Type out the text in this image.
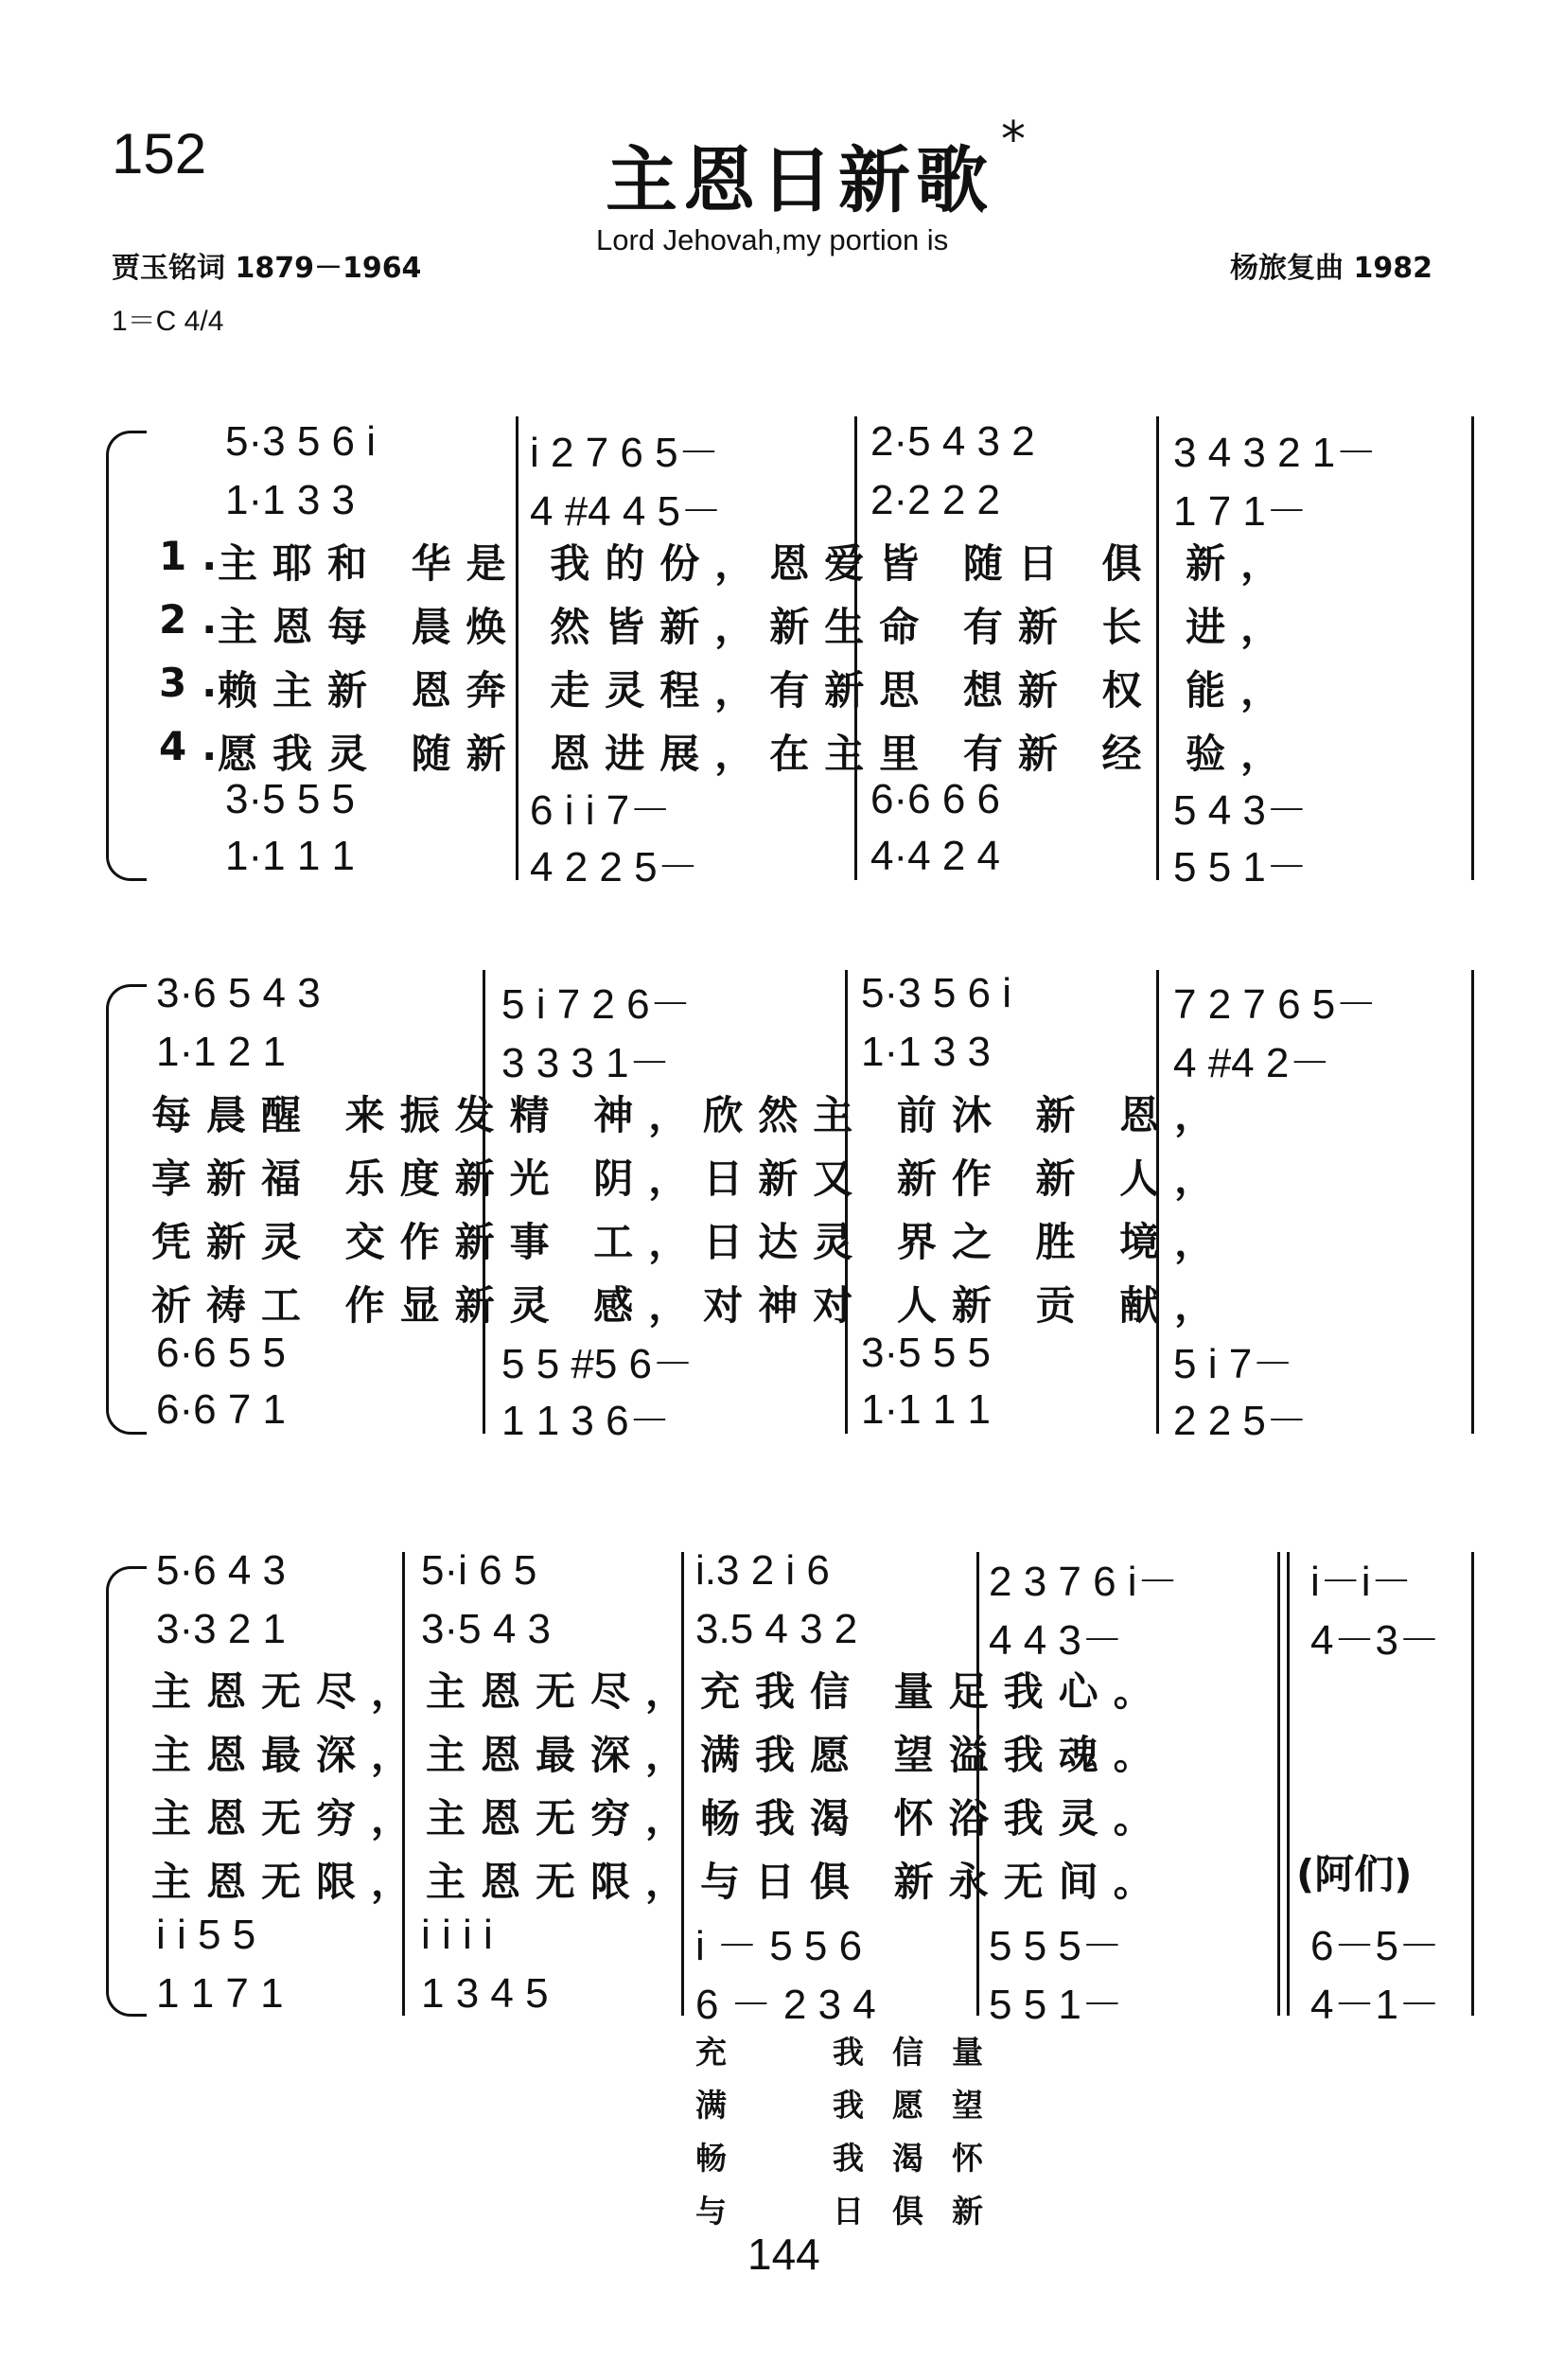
152	主恩日新歌 *
贾玉铭词 1879－1964
Lord Jehovah,my portion is
杨旅复曲 1982
1＝C 4/4
5·3 5 6 i	i 2 7 6 5－	2·5 4 3 2	3 4 3 2 1－
1·1 3 3	4 #4 4 5－	2·2 2 2	1 7 1－
1.
主耶和 华是 我的份，恩爱皆 随日 俱 新，
2.
主恩每 晨焕 然皆新，新生命 有新 长 进，
3.
赖主新 恩奔 走灵程，有新思 想新 权 能，
4.
愿我灵 随新 恩进展，在主里 有新 经 验，
3·5 5 5	6 i i 7－	6·6 6 6	5 4 3－
1·1 1 1	4 2 2 5－	4·4 2 4	5 5 1－
3·6 5 4 3	5 i 7 2 6－	5·3 5 6 i	7 2 7 6 5－
1·1 2 1	3 3 3 1－	1·1 3 3	4 #4 2－
每晨醒 来振发精 神，欣然主 前沐 新 恩，
享新福 乐度新光 阴，日新又 新作 新 人，
凭新灵 交作新事 工，日达灵 界之 胜 境，
祈祷工 作显新灵 感，对神对 人新 贡 献，
6·6 5 5	5 5 #5 6－	3·5 5 5	5 i 7－
6·6 7 1	1 1 3 6－	1·1 1 1	2 2 5－
5·6 4 3	5·i 6 5	i.3 2 i 6	2 3 7 6 i－	i－i－
3·3 2 1	3·5 4 3	3.5 4 3 2	4 4 3－	4－3－
主恩无尽，主恩无尽，充我信 量足我心。
主恩最深，主恩最深，满我愿 望溢我魂。
主恩无穷，主恩无穷，畅我渴 怀浴我灵。
主恩无限，主恩无限，与日俱 新永无间。	(阿们)
i i 5 5	i i i i	i － 5 5 6	5 5 5－	6－5－
1 1 7 1	1 3 4 5	6 － 2 3 4	5 5 1－	4－1－
充 我信量
满 我愿望
畅 我渴怀
与 日俱新
144
